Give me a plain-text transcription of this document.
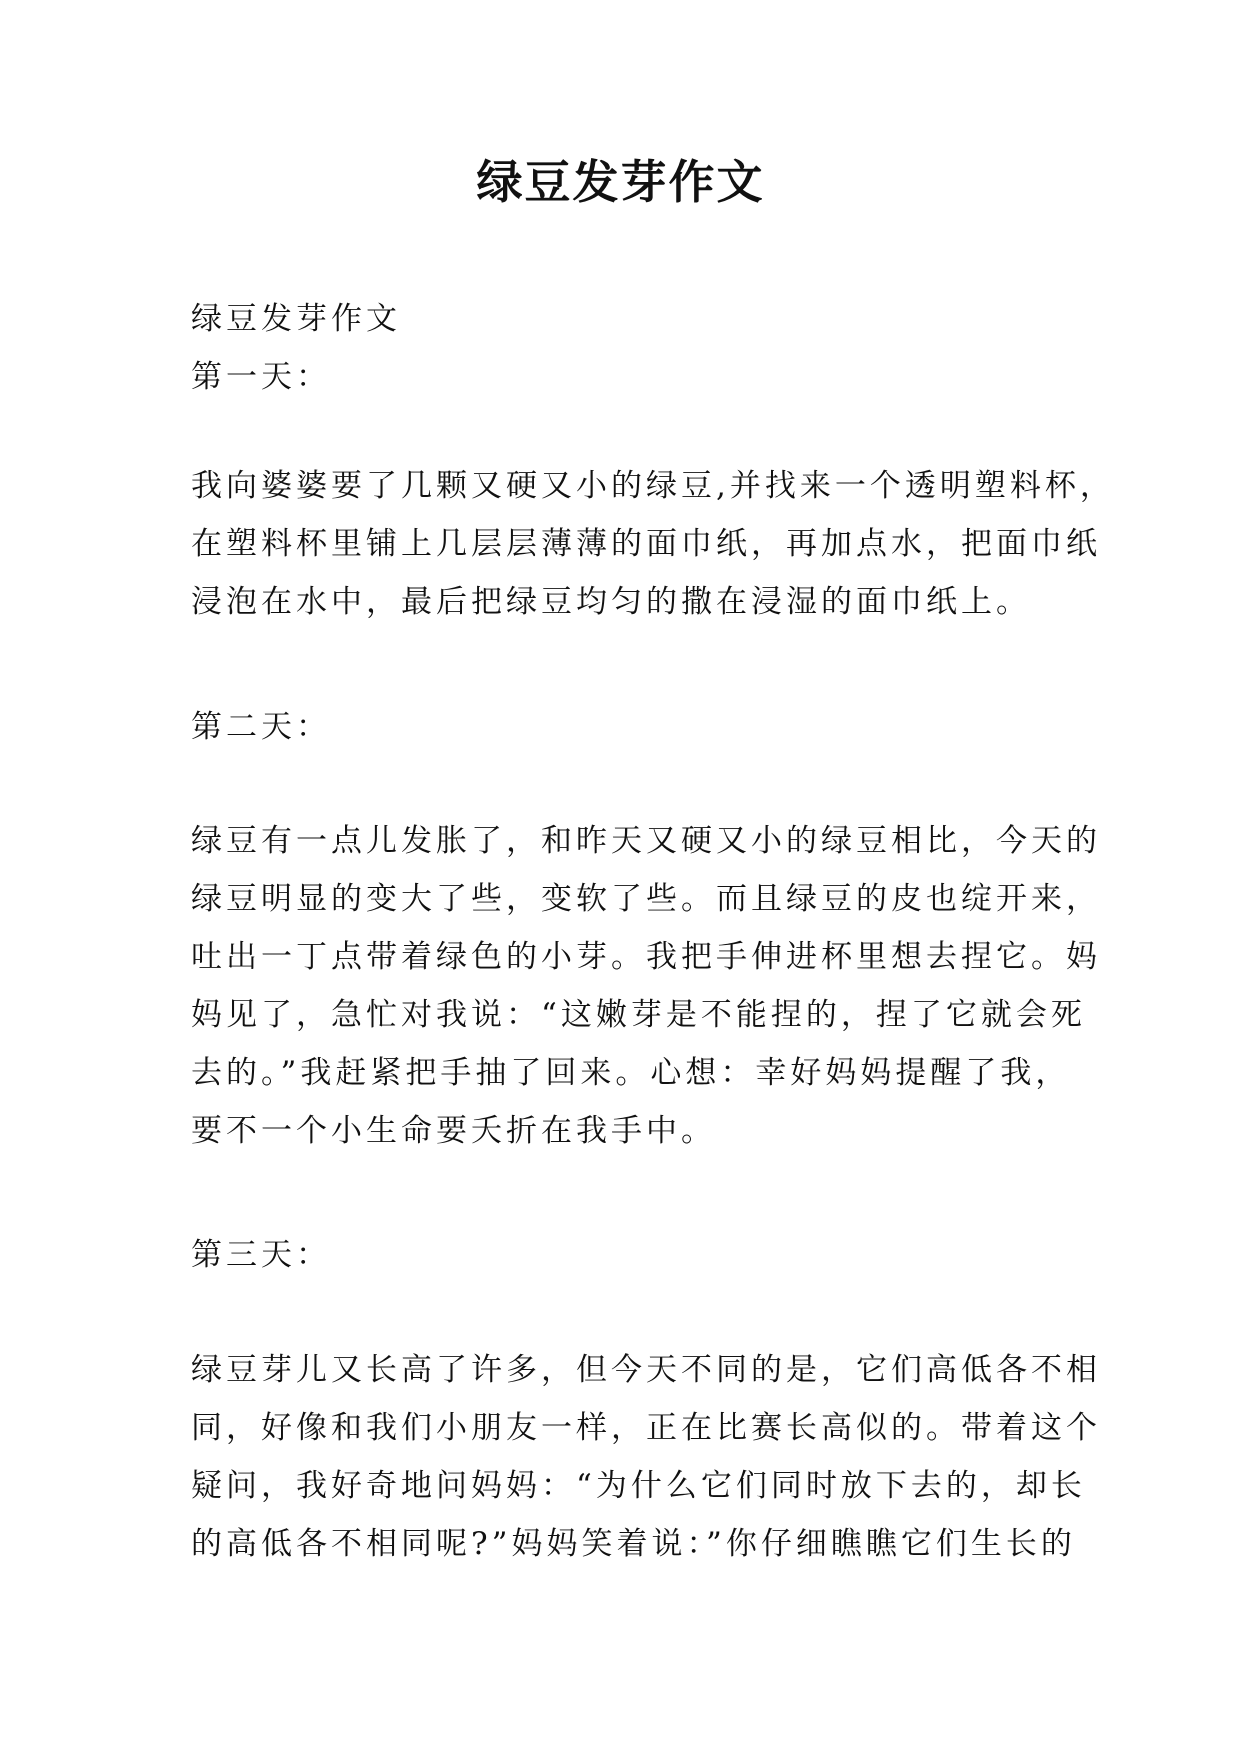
绿豆发芽作文
绿豆发芽作文
第一天：
我向婆婆要了几颗又硬又小的绿豆,并找来一个透明塑料杯，
在塑料杯里铺上几层层薄薄的面巾纸，再加点水，把面巾纸
浸泡在水中，最后把绿豆均匀的撒在浸湿的面巾纸上。
第二天：
绿豆有一点儿发胀了，和昨天又硬又小的绿豆相比，今天的
绿豆明显的变大了些，变软了些。而且绿豆的皮也绽开来，
吐出一丁点带着绿色的小芽。我把手伸进杯里想去捏它。妈
妈见了，急忙对我说：“这嫩芽是不能捏的，捏了它就会死
去的。”我赶紧把手抽了回来。心想：幸好妈妈提醒了我，
要不一个小生命要夭折在我手中。
第三天：
绿豆芽儿又长高了许多，但今天不同的是，它们高低各不相
同，好像和我们小朋友一样，正在比赛长高似的。带着这个
疑问，我好奇地问妈妈：“为什么它们同时放下去的，却长
的高低各不相同呢?”妈妈笑着说：”你仔细瞧瞧它们生长的
